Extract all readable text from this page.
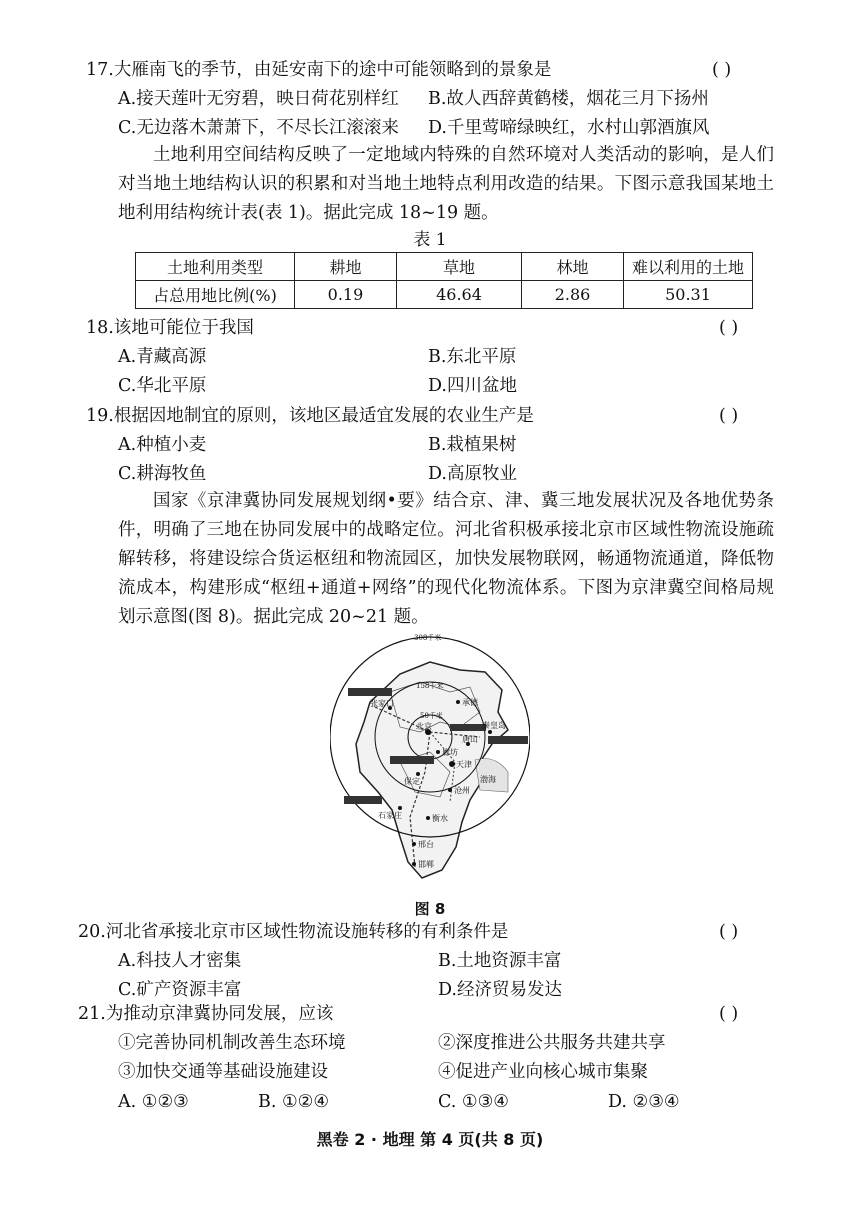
17.大雁南飞的季节，由延安南下的途中可能领略到的景象是	( )
A.接天莲叶无穷碧，映日荷花别样红 B.故人西辞黄鹤楼，烟花三月下扬州
C.无边落木萧萧下，不尽长江滚滚来 D.千里莺啼绿映红，水村山郭酒旗风
土地利用空间结构反映了一定地域内特殊的自然环境对人类活动的影响，是人们对当地土地结构认识的积累和对当地土地特点利用改造的结果。下图示意我国某地土地利用结构统计表(表 1)。据此完成 18~19 题。
表 1
土地利用类型	耕地	草地	林地	难以利用的土地
占总用地比例(%)	0.19	46.64	2.86	50.31
18.该地可能位于我国	( )
A.青藏高源	B.东北平原
C.华北平原	D.四川盆地
19.根据因地制宜的原则，该地区最适宜发展的农业生产是	( )
A.种植小麦	B.栽植果树
C.耕海牧鱼	D.高原牧业
国家《京津冀协同发展规划纲•要》结合京、津、冀三地发展状况及各地优势条件，明确了三地在协同发展中的战略定位。河北省积极承接北京市区域性物流设施疏解转移，将建设综合货运枢纽和物流园区，加快发展物联网，畅通物流通道，降低物流成本，构建形成“枢纽+通道+网络”的现代化物流体系。下图为京津冀空间格局规划示意图(图 8)。据此完成 20~21 题。
308千米
158千米
50千米
张家口	承德
北京	秦皇岛
廊坊
唐山
天津
保定
沧州
石家庄	衡水
邢台
邯郸
渤海
图 8
20.河北省承接北京市区域性物流设施转移的有利条件是	( )
A.科技人才密集	B.土地资源丰富
C.矿产资源丰富	D.经济贸易发达
21.为推动京津冀协同发展，应该	( )
①完善协同机制改善生态环境	②深度推进公共服务共建共享
③加快交通等基础设施建设	④促进产业向核心城市集聚
A. ①②③	B. ①②④	C. ①③④	D. ②③④
黑卷 2 · 地理 第 4 页(共 8 页)
